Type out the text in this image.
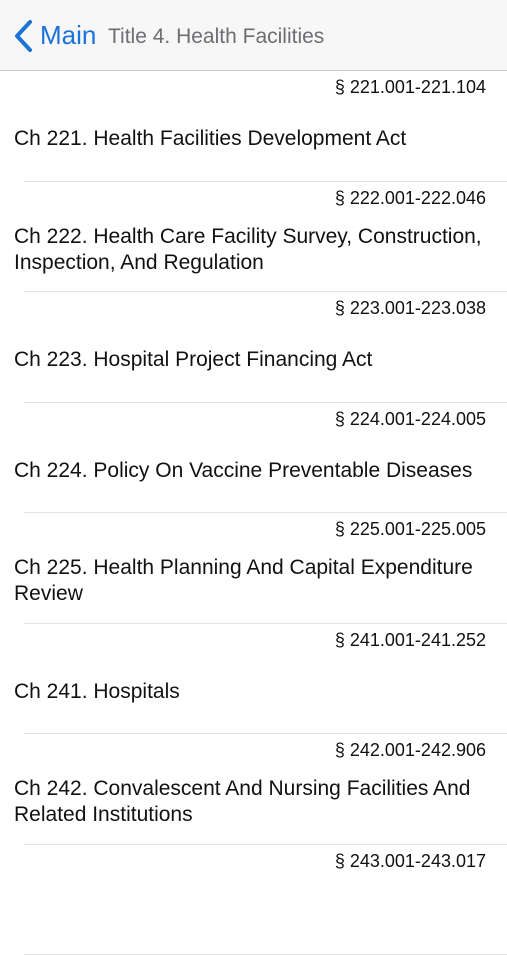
Main Title 4. Health Facilities
§ 221.001-221.104
Ch 221. Health Facilities Development Act
§ 222.001-222.046
Ch 222. Health Care Facility Survey, Construction, Inspection, And Regulation
§ 223.001-223.038
Ch 223. Hospital Project Financing Act
§ 224.001-224.005
Ch 224. Policy On Vaccine Preventable Diseases
§ 225.001-225.005
Ch 225. Health Planning And Capital Expenditure Review
§ 241.001-241.252
Ch 241. Hospitals
§ 242.001-242.906
Ch 242. Convalescent And Nursing Facilities And Related Institutions
§ 243.001-243.017
